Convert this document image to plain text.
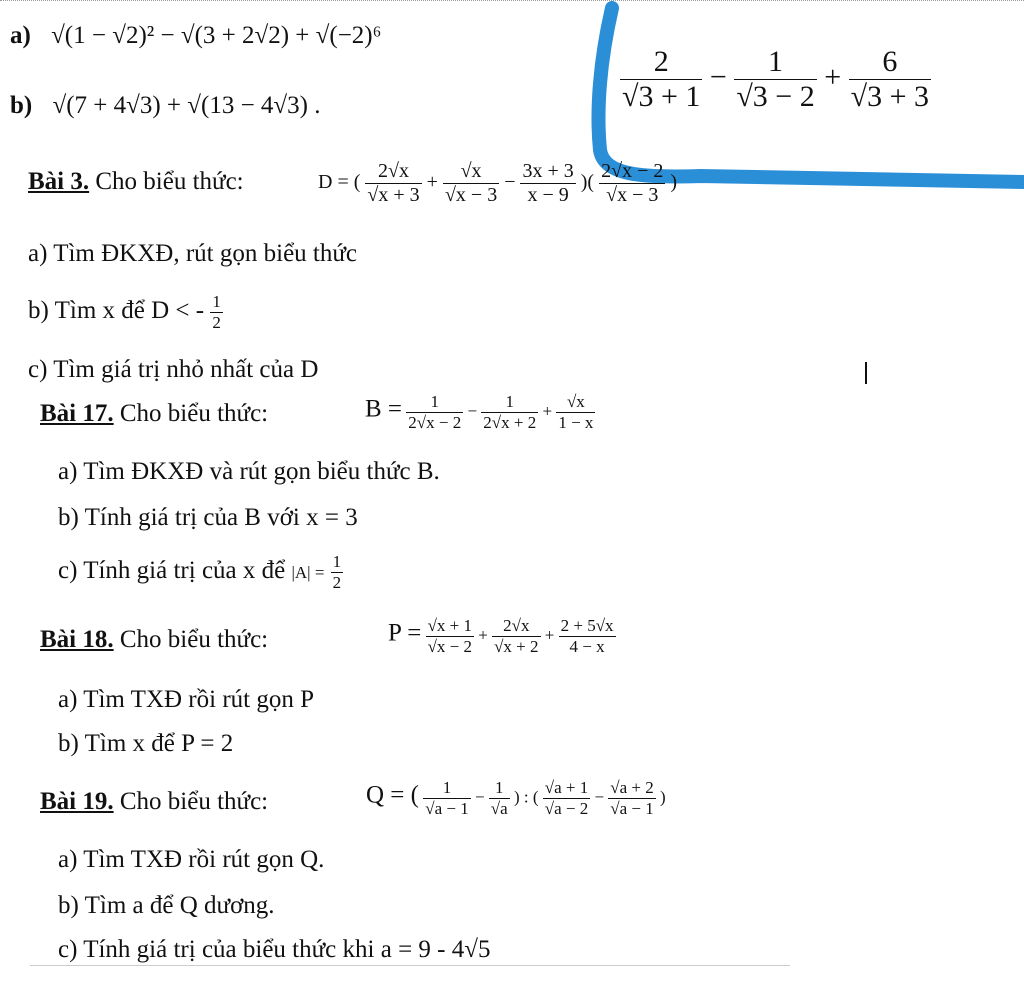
a) √(1 − √2)² − √(3 + 2√2) + √(−2)⁶
b) √(7 + 4√3) + √(13 − 4√3) .	$\frac{2}{√3 + 1} - \frac{1}{√3 - 2} + \frac{6}{√3 + 3}$
Bài 3. Cho biểu thức:	D = ( $\frac{2√x}{√x + 3} + \frac{√x}{√x - 3} - \frac{3x + 3}{x - 9}$ )( $\frac{2√x - 2}{√x - 3}$ )
a) Tìm ĐKXĐ, rút gọn biểu thức
b) Tìm x để D < - $\frac{1}{2}$
c) Tìm giá trị nhỏ nhất của D
Bài 17. Cho biểu thức:	$B = \frac{1}{2√x - 2} - \frac{1}{2√x + 2} + \frac{√x}{1 - x}$
a) Tìm ĐKXĐ và rút gọn biểu thức B.
b) Tính giá trị của B với x = 3
c) Tính giá trị của x để $|A| = \frac{1}{2}$
Bài 18. Cho biểu thức:	$P = \frac{√x + 1}{√x - 2} + \frac{2√x}{√x + 2} + \frac{2 + 5√x}{4 - x}$
a) Tìm TXĐ rồi rút gọn P
b) Tìm x để P = 2
Bài 19. Cho biểu thức:	Q = ( $\frac{1}{√a - 1} - \frac{1}{√a}$ ) : ( $\frac{√a + 1}{√a - 2} - \frac{√a + 2}{√a - 1}$ )
a) Tìm TXĐ rồi rút gọn Q.
b) Tìm a để Q dương.
c) Tính giá trị của biểu thức khi a = 9 - 4√5
